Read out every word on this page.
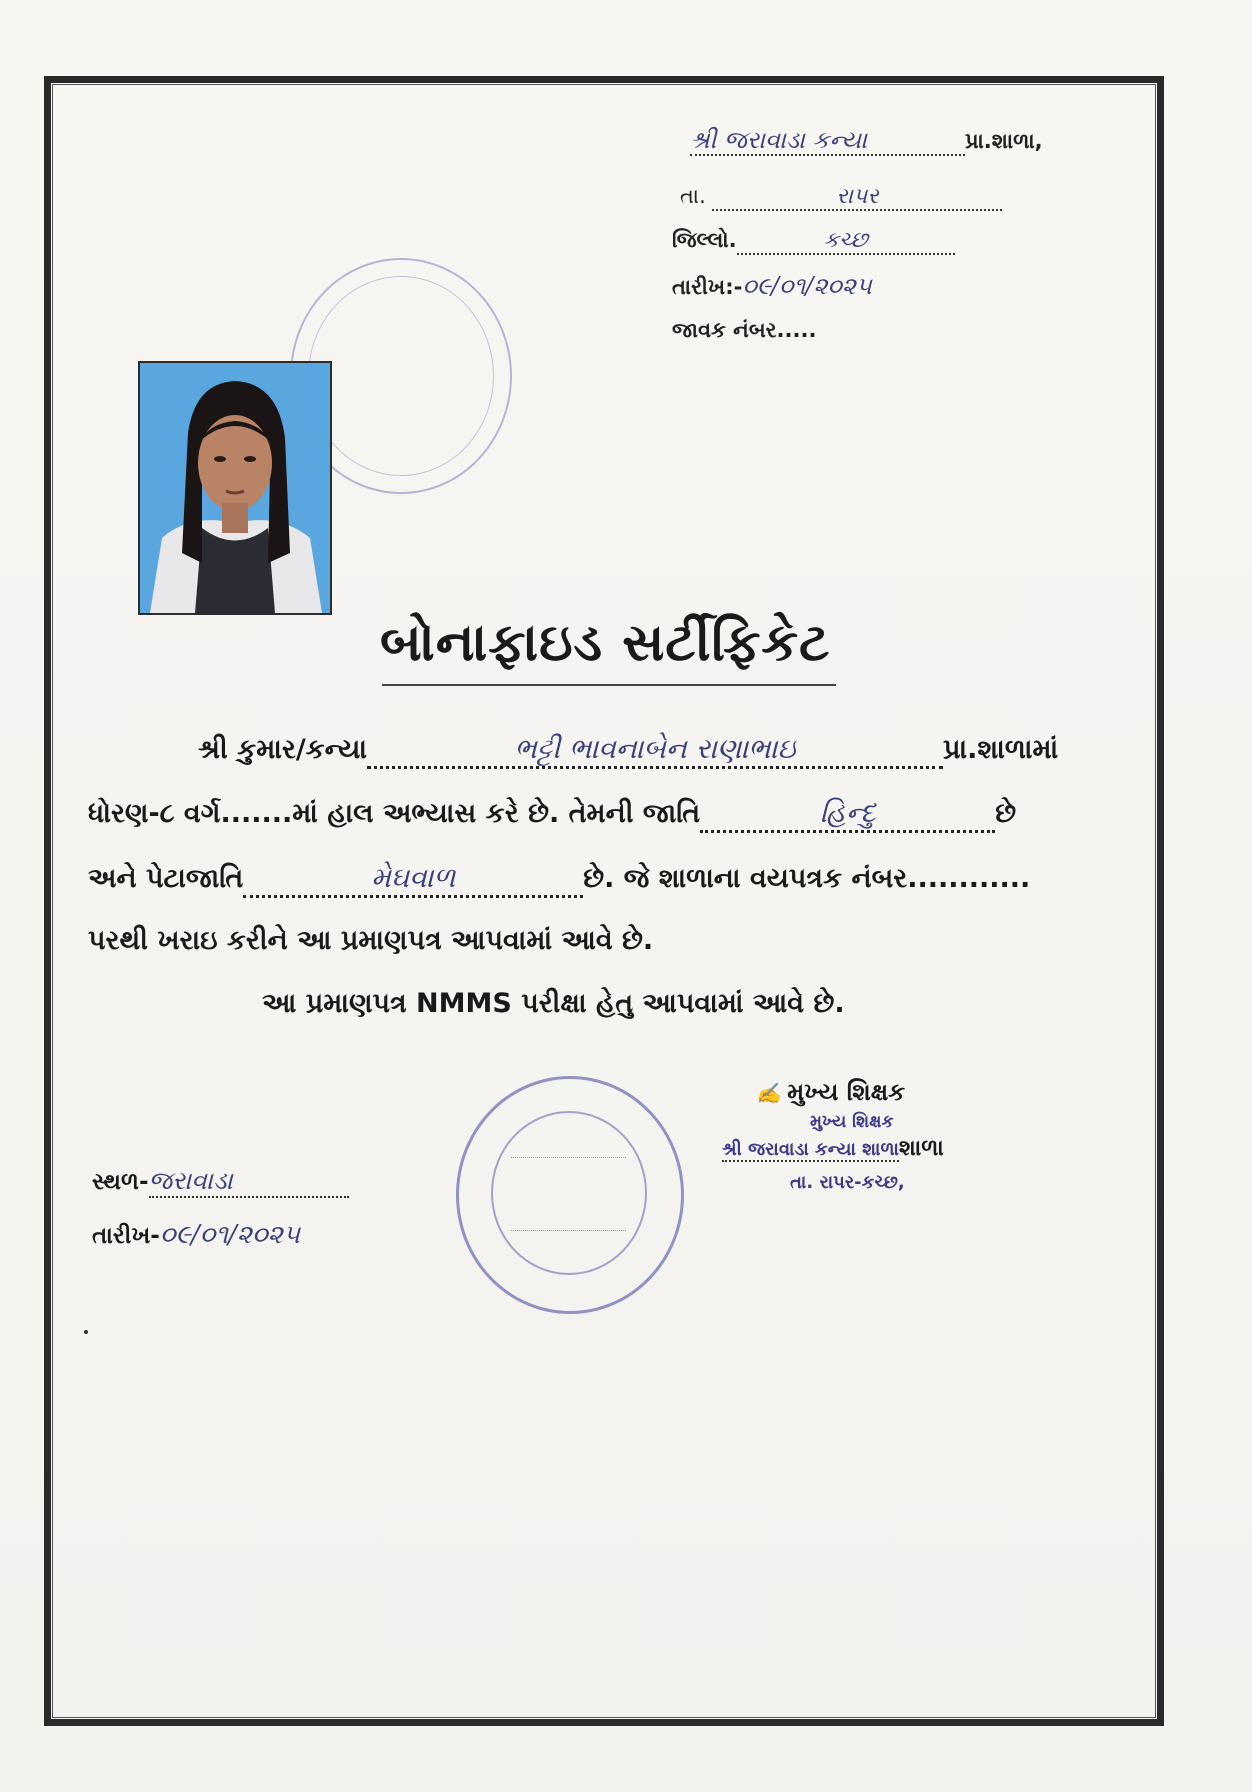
શ્રી જરાવાડા કન્યા	પ્રા.શાળા,
તા.	રાપર
જિલ્લો.	કચ્છ
તારીખ:-૦૯/૦૧/૨૦૨૫
જાવક નંબર.....
બોનાફાઇડ સર્ટીફિકેટ
શ્રી કુમાર/કન્યા	ભટ્ટી ભાવનાબેન રાણાભાઇ	પ્રા.શાળામાં
ધોરણ-૮ વર્ગ.......માં હાલ અભ્યાસ કરે છે. તેમની જાતિ	હિન્દુ	છે
અને પેટાજાતિ	મેઘવાળ	છે. જે શાળાના વયપત્રક નંબર............
પરથી ખરાઇ કરીને આ પ્રમાણપત્ર આપવામાં આવે છે.
આ પ્રમાણપત્ર NMMS પરીક્ષા હેતુ આપવામાં આવે છે.
✍ મુખ્ય શિક્ષક
મુખ્ય શિક્ષક
શ્રી જરાવાડા કન્યા શાળાશાળા
તા. રાપર-કચ્છ,
સ્થળ-જરાવાડા
તારીખ-૦૯/૦૧/૨૦૨૫
